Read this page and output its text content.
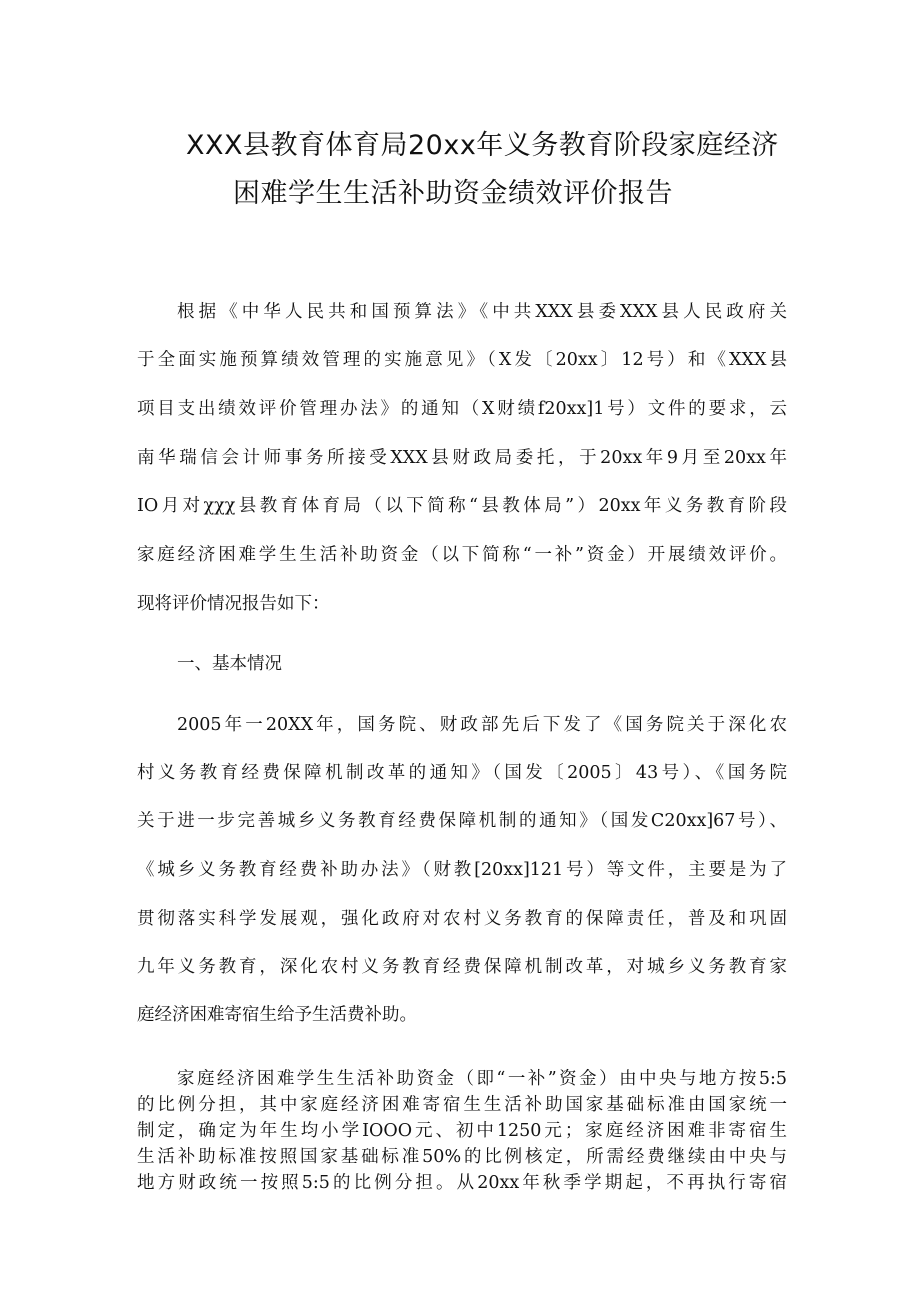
XXX县教育体育局20xx年义务教育阶段家庭经济
困难学生生活补助资金绩效评价报告
根据《中华人民共和国预算法》《中共XXX县委XXX县人民政府关
于全面实施预算绩效管理的实施意见》（X发〔20xx〕12号）和《XXX县
项目支出绩效评价管理办法》的通知（X财绩f20xx]1号）文件的要求，云
南华瑞信会计师事务所接受XXX县财政局委托，于20xx年9月至20xx年
IO月对χχχ县教育体育局（以下简称“县教体局”）20xx年义务教育阶段
家庭经济困难学生生活补助资金（以下简称“一补”资金）开展绩效评价。
现将评价情况报告如下：
一、基本情况
2005年一20XX年，国务院、财政部先后下发了《国务院关于深化农
村义务教育经费保障机制改革的通知》（国发〔2005〕43号）、《国务院
关于进一步完善城乡义务教育经费保障机制的通知》（国发C20xx]67号）、
《城乡义务教育经费补助办法》（财教[20xx]121号）等文件，主要是为了
贯彻落实科学发展观，强化政府对农村义务教育的保障责任，普及和巩固
九年义务教育，深化农村义务教育经费保障机制改革，对城乡义务教育家
庭经济困难寄宿生给予生活费补助。
家庭经济困难学生生活补助资金（即“一补”资金）由中央与地方按5:5
的比例分担，其中家庭经济困难寄宿生生活补助国家基础标准由国家统一
制定，确定为年生均小学IOOO元、初中1250元；家庭经济困难非寄宿生
生活补助标准按照国家基础标准50%的比例核定，所需经费继续由中央与
地方财政统一按照5:5的比例分担。从20xx年秋季学期起，不再执行寄宿
